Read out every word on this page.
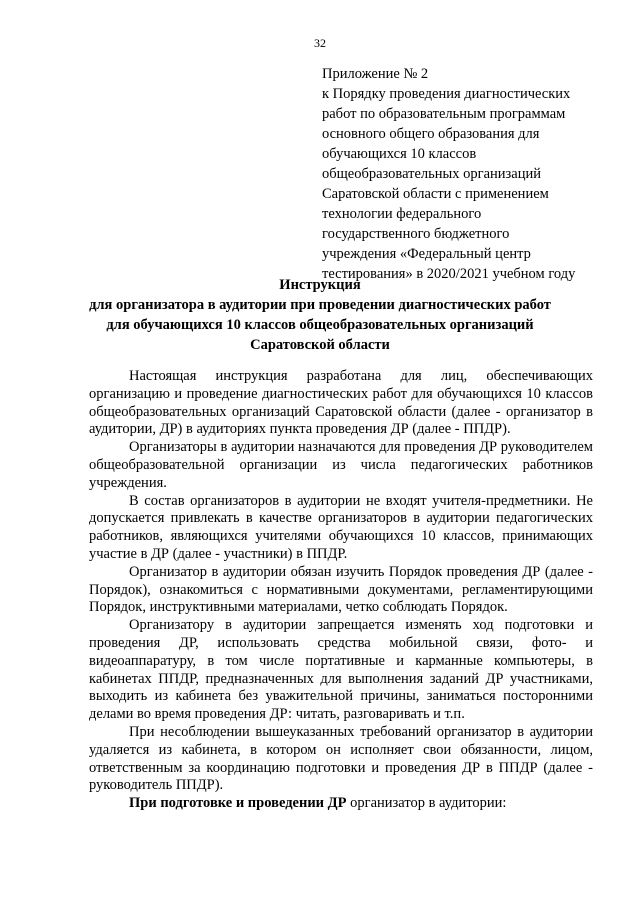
32
Приложение № 2
к Порядку проведения диагностических
работ по образовательным программам
основного общего образования для
обучающихся 10 классов
общеобразовательных организаций
Саратовской области с применением
технологии федерального
государственного бюджетного
учреждения «Федеральный центр
тестирования» в 2020/2021 учебном году
Инструкция
для организатора в аудитории при проведении диагностических работ
для обучающихся 10 классов общеобразовательных организаций
Саратовской области

Настоящая инструкция разработана для лиц, обеспечивающих организацию и проведение диагностических работ для обучающихся 10 классов общеобразовательных организаций Саратовской области (далее - организатор в аудитории, ДР) в аудиториях пункта проведения ДР (далее - ППДР).

Организаторы в аудитории назначаются для проведения ДР руководителем общеобразовательной организации из числа педагогических работников учреждения.

В состав организаторов в аудитории не входят учителя-предметники. Не допускается привлекать в качестве организаторов в аудитории педагогических работников, являющихся учителями обучающихся 10 классов, принимающих участие в ДР (далее - участники) в ППДР.

Организатор в аудитории обязан изучить Порядок проведения ДР (далее - Порядок), ознакомиться с нормативными документами, регламентирующими Порядок, инструктивными материалами, четко соблюдать Порядок.

Организатору в аудитории запрещается изменять ход подготовки и проведения ДР, использовать средства мобильной связи, фото- и видеоаппаратуру, в том числе портативные и карманные компьютеры, в кабинетах ППДР, предназначенных для выполнения заданий ДР участниками, выходить из кабинета без уважительной причины, заниматься посторонними делами во время проведения ДР: читать, разговаривать и т.п.

При несоблюдении вышеуказанных требований организатор в аудитории удаляется из кабинета, в котором он исполняет свои обязанности, лицом, ответственным за координацию подготовки и проведения ДР в ППДР (далее - руководитель ППДР).

При подготовке и проведении ДР организатор в аудитории:
